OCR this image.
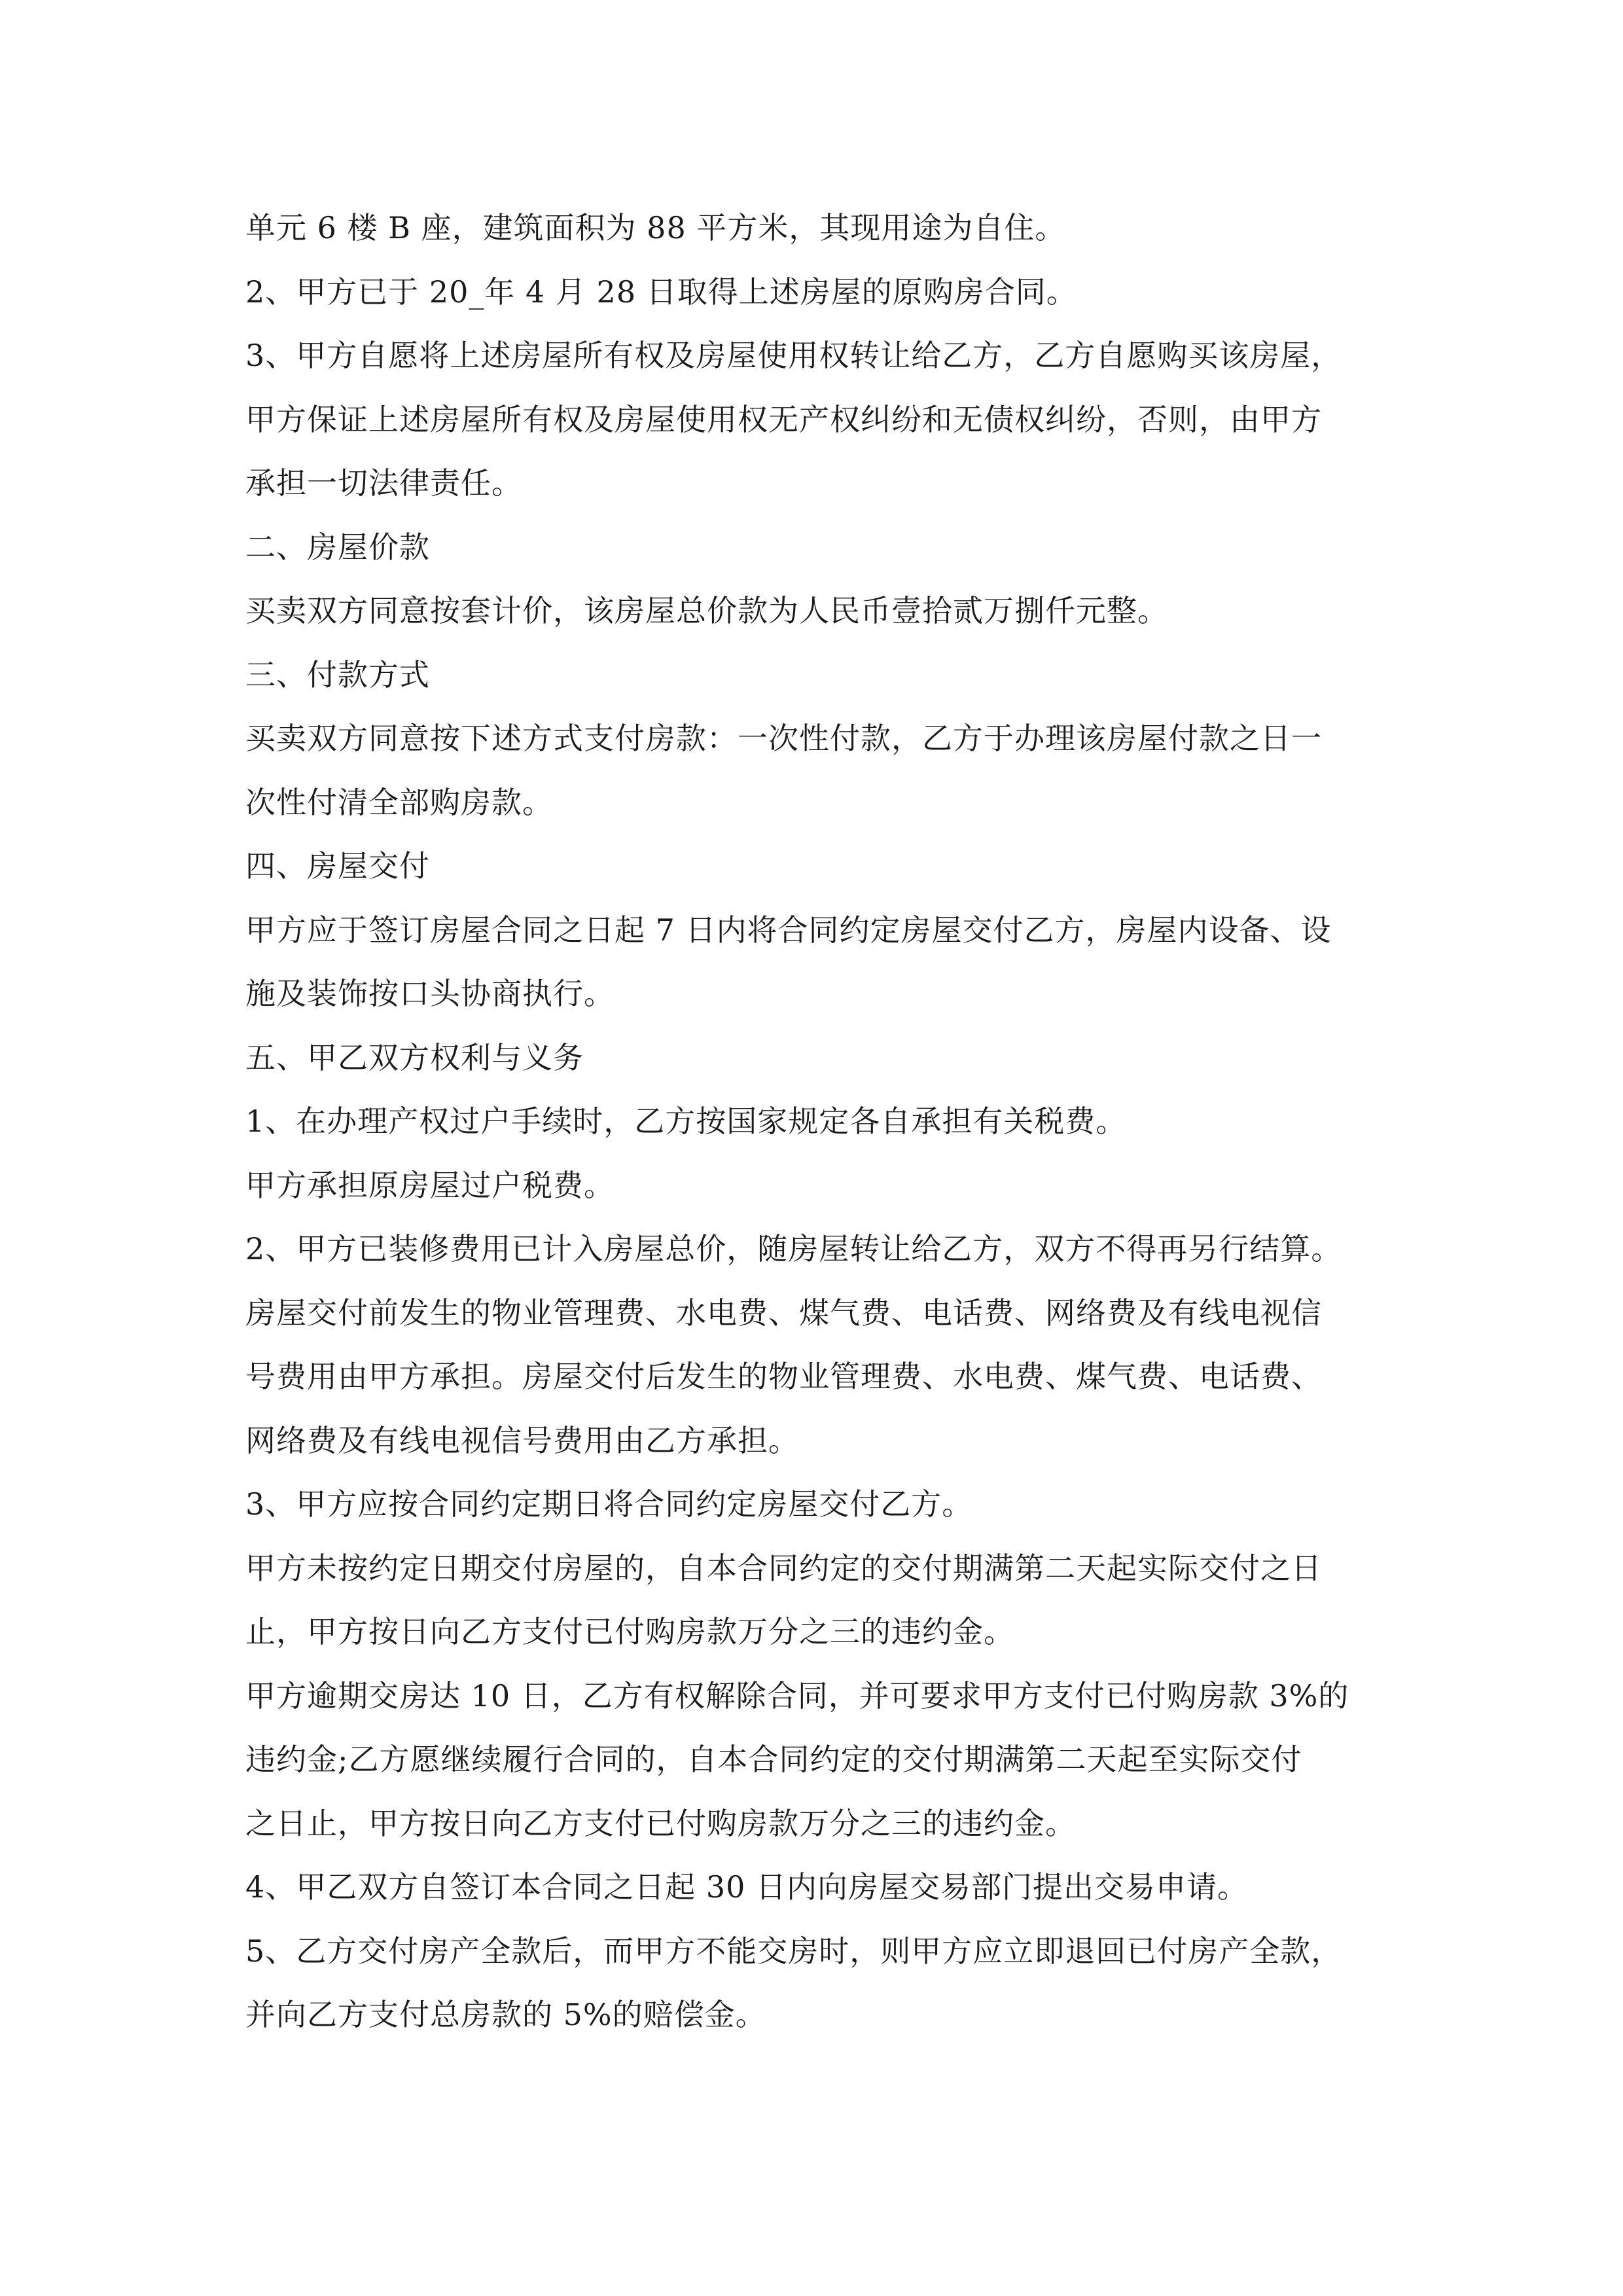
单元 6 楼 B 座，建筑面积为 88 平方米，其现用途为自住。
2、甲方已于 20_年 4 月 28 日取得上述房屋的原购房合同。
3、甲方自愿将上述房屋所有权及房屋使用权转让给乙方，乙方自愿购买该房屋，
甲方保证上述房屋所有权及房屋使用权无产权纠纷和无债权纠纷，否则，由甲方
承担一切法律责任。
二、房屋价款
买卖双方同意按套计价，该房屋总价款为人民币壹拾贰万捌仟元整。
三、付款方式
买卖双方同意按下述方式支付房款：一次性付款，乙方于办理该房屋付款之日一
次性付清全部购房款。
四、房屋交付
甲方应于签订房屋合同之日起 7 日内将合同约定房屋交付乙方，房屋内设备、设
施及装饰按口头协商执行。
五、甲乙双方权利与义务
1、在办理产权过户手续时，乙方按国家规定各自承担有关税费。
甲方承担原房屋过户税费。
2、甲方已装修费用已计入房屋总价，随房屋转让给乙方，双方不得再另行结算。
房屋交付前发生的物业管理费、水电费、煤气费、电话费、网络费及有线电视信
号费用由甲方承担。房屋交付后发生的物业管理费、水电费、煤气费、电话费、
网络费及有线电视信号费用由乙方承担。
3、甲方应按合同约定期日将合同约定房屋交付乙方。
甲方未按约定日期交付房屋的，自本合同约定的交付期满第二天起实际交付之日
止，甲方按日向乙方支付已付购房款万分之三的违约金。
甲方逾期交房达 10 日，乙方有权解除合同，并可要求甲方支付已付购房款 3%的
违约金;乙方愿继续履行合同的，自本合同约定的交付期满第二天起至实际交付
之日止，甲方按日向乙方支付已付购房款万分之三的违约金。
4、甲乙双方自签订本合同之日起 30 日内向房屋交易部门提出交易申请。
5、乙方交付房产全款后，而甲方不能交房时，则甲方应立即退回已付房产全款，
并向乙方支付总房款的 5%的赔偿金。
